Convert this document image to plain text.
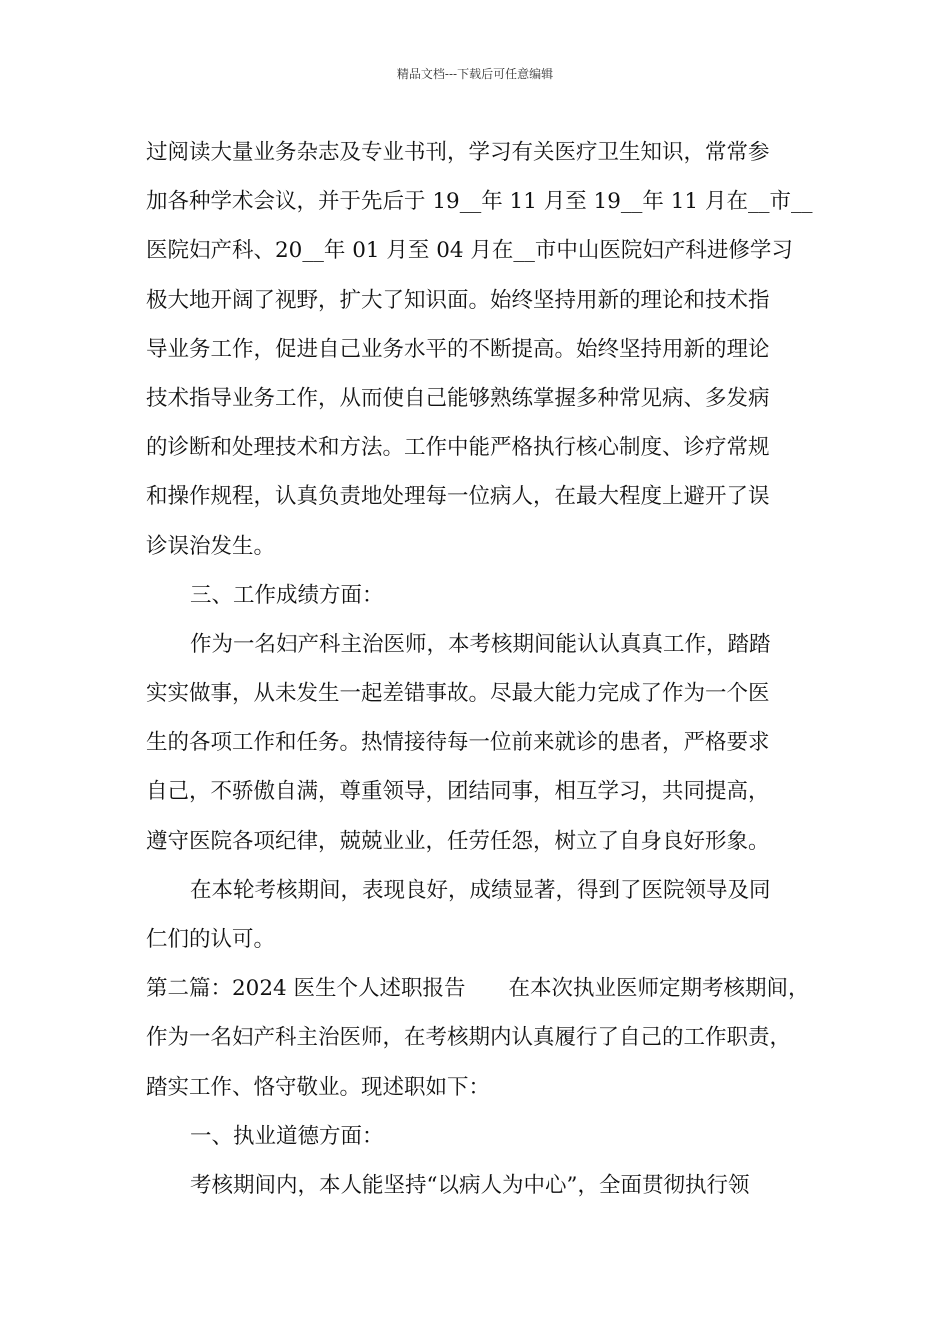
精品文档---下载后可任意编辑
过阅读大量业务杂志及专业书刊，学习有关医疗卫生知识，常常参
加各种学术会议，并于先后于 19__年 11 月至 19__年 11 月在__市__
医院妇产科、20__年 01 月至 04 月在__市中山医院妇产科进修学习
极大地开阔了视野，扩大了知识面。始终坚持用新的理论和技术指
导业务工作，促进自己业务水平的不断提高。始终坚持用新的理论
技术指导业务工作，从而使自己能够熟练掌握多种常见病、多发病
的诊断和处理技术和方法。工作中能严格执行核心制度、诊疗常规
和操作规程，认真负责地处理每一位病人，在最大程度上避开了误
诊误治发生。
三、工作成绩方面：
作为一名妇产科主治医师，本考核期间能认认真真工作，踏踏
实实做事，从未发生一起差错事故。尽最大能力完成了作为一个医
生的各项工作和任务。热情接待每一位前来就诊的患者，严格要求
自己，不骄傲自满，尊重领导，团结同事，相互学习，共同提高，
遵守医院各项纪律，兢兢业业，任劳任怨，树立了自身良好形象。
在本轮考核期间，表现良好，成绩显著，得到了医院领导及同
仁们的认可。
第二篇：2024 医生个人述职报告　　在本次执业医师定期考核期间，
作为一名妇产科主治医师，在考核期内认真履行了自己的工作职责，
踏实工作、恪守敬业。现述职如下：
一、执业道德方面：
考核期间内，本人能坚持“以病人为中心”，全面贯彻执行领
